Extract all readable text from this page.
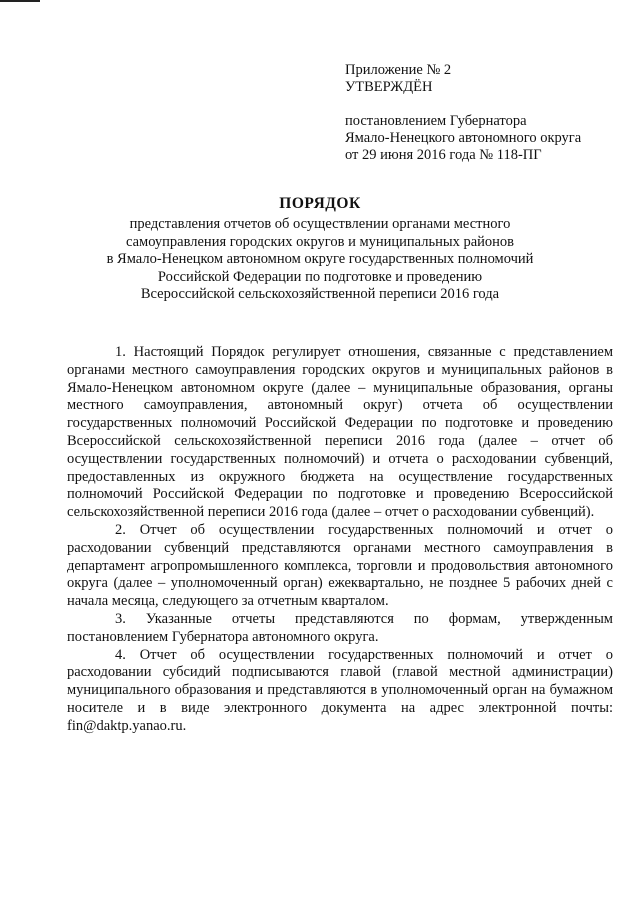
Приложение № 2
УТВЕРЖДЁН
постановлением Губернатора
Ямало-Ненецкого автономного округа
от 29 июня 2016 года № 118-ПГ
ПОРЯДОК
представления отчетов об осуществлении органами местного
самоуправления городских округов и муниципальных районов
в Ямало-Ненецком автономном округе государственных полномочий
Российской Федерации по подготовке и проведению
Всероссийской сельскохозяйственной переписи 2016 года

1. Настоящий Порядок регулирует отношения, связанные с представлением органами местного самоуправления городских округов и муниципальных районов в Ямало-Ненецком автономном округе (далее – муниципальные образования, органы местного самоуправления, автономный округ) отчета об осуществлении государственных полномочий Российской Федерации по подготовке и проведению Всероссийской сельскохозяйственной переписи 2016 года (далее – отчет об осуществлении государственных полномочий) и отчета о расходовании субвенций, предоставленных из окружного бюджета на осуществление государственных полномочий Российской Федерации по подготовке и проведению Всероссийской сельскохозяйственной переписи 2016 года (далее – отчет о расходовании субвенций).

2. Отчет об осуществлении государственных полномочий и отчет о расходовании субвенций представляются органами местного самоуправления в департамент агропромышленного комплекса, торговли и продовольствия автономного округа (далее – уполномоченный орган) ежеквартально, не позднее 5 рабочих дней с начала месяца, следующего за отчетным кварталом.

3. Указанные отчеты представляются по формам, утвержденным постановлением Губернатора автономного округа.

4. Отчет об осуществлении государственных полномочий и отчет о расходовании субсидий подписываются главой (главой местной администрации) муниципального образования и представляются в уполномоченный орган на бумажном носителе и в виде электронного документа на адрес электронной почты: fin@daktp.yanao.ru.
